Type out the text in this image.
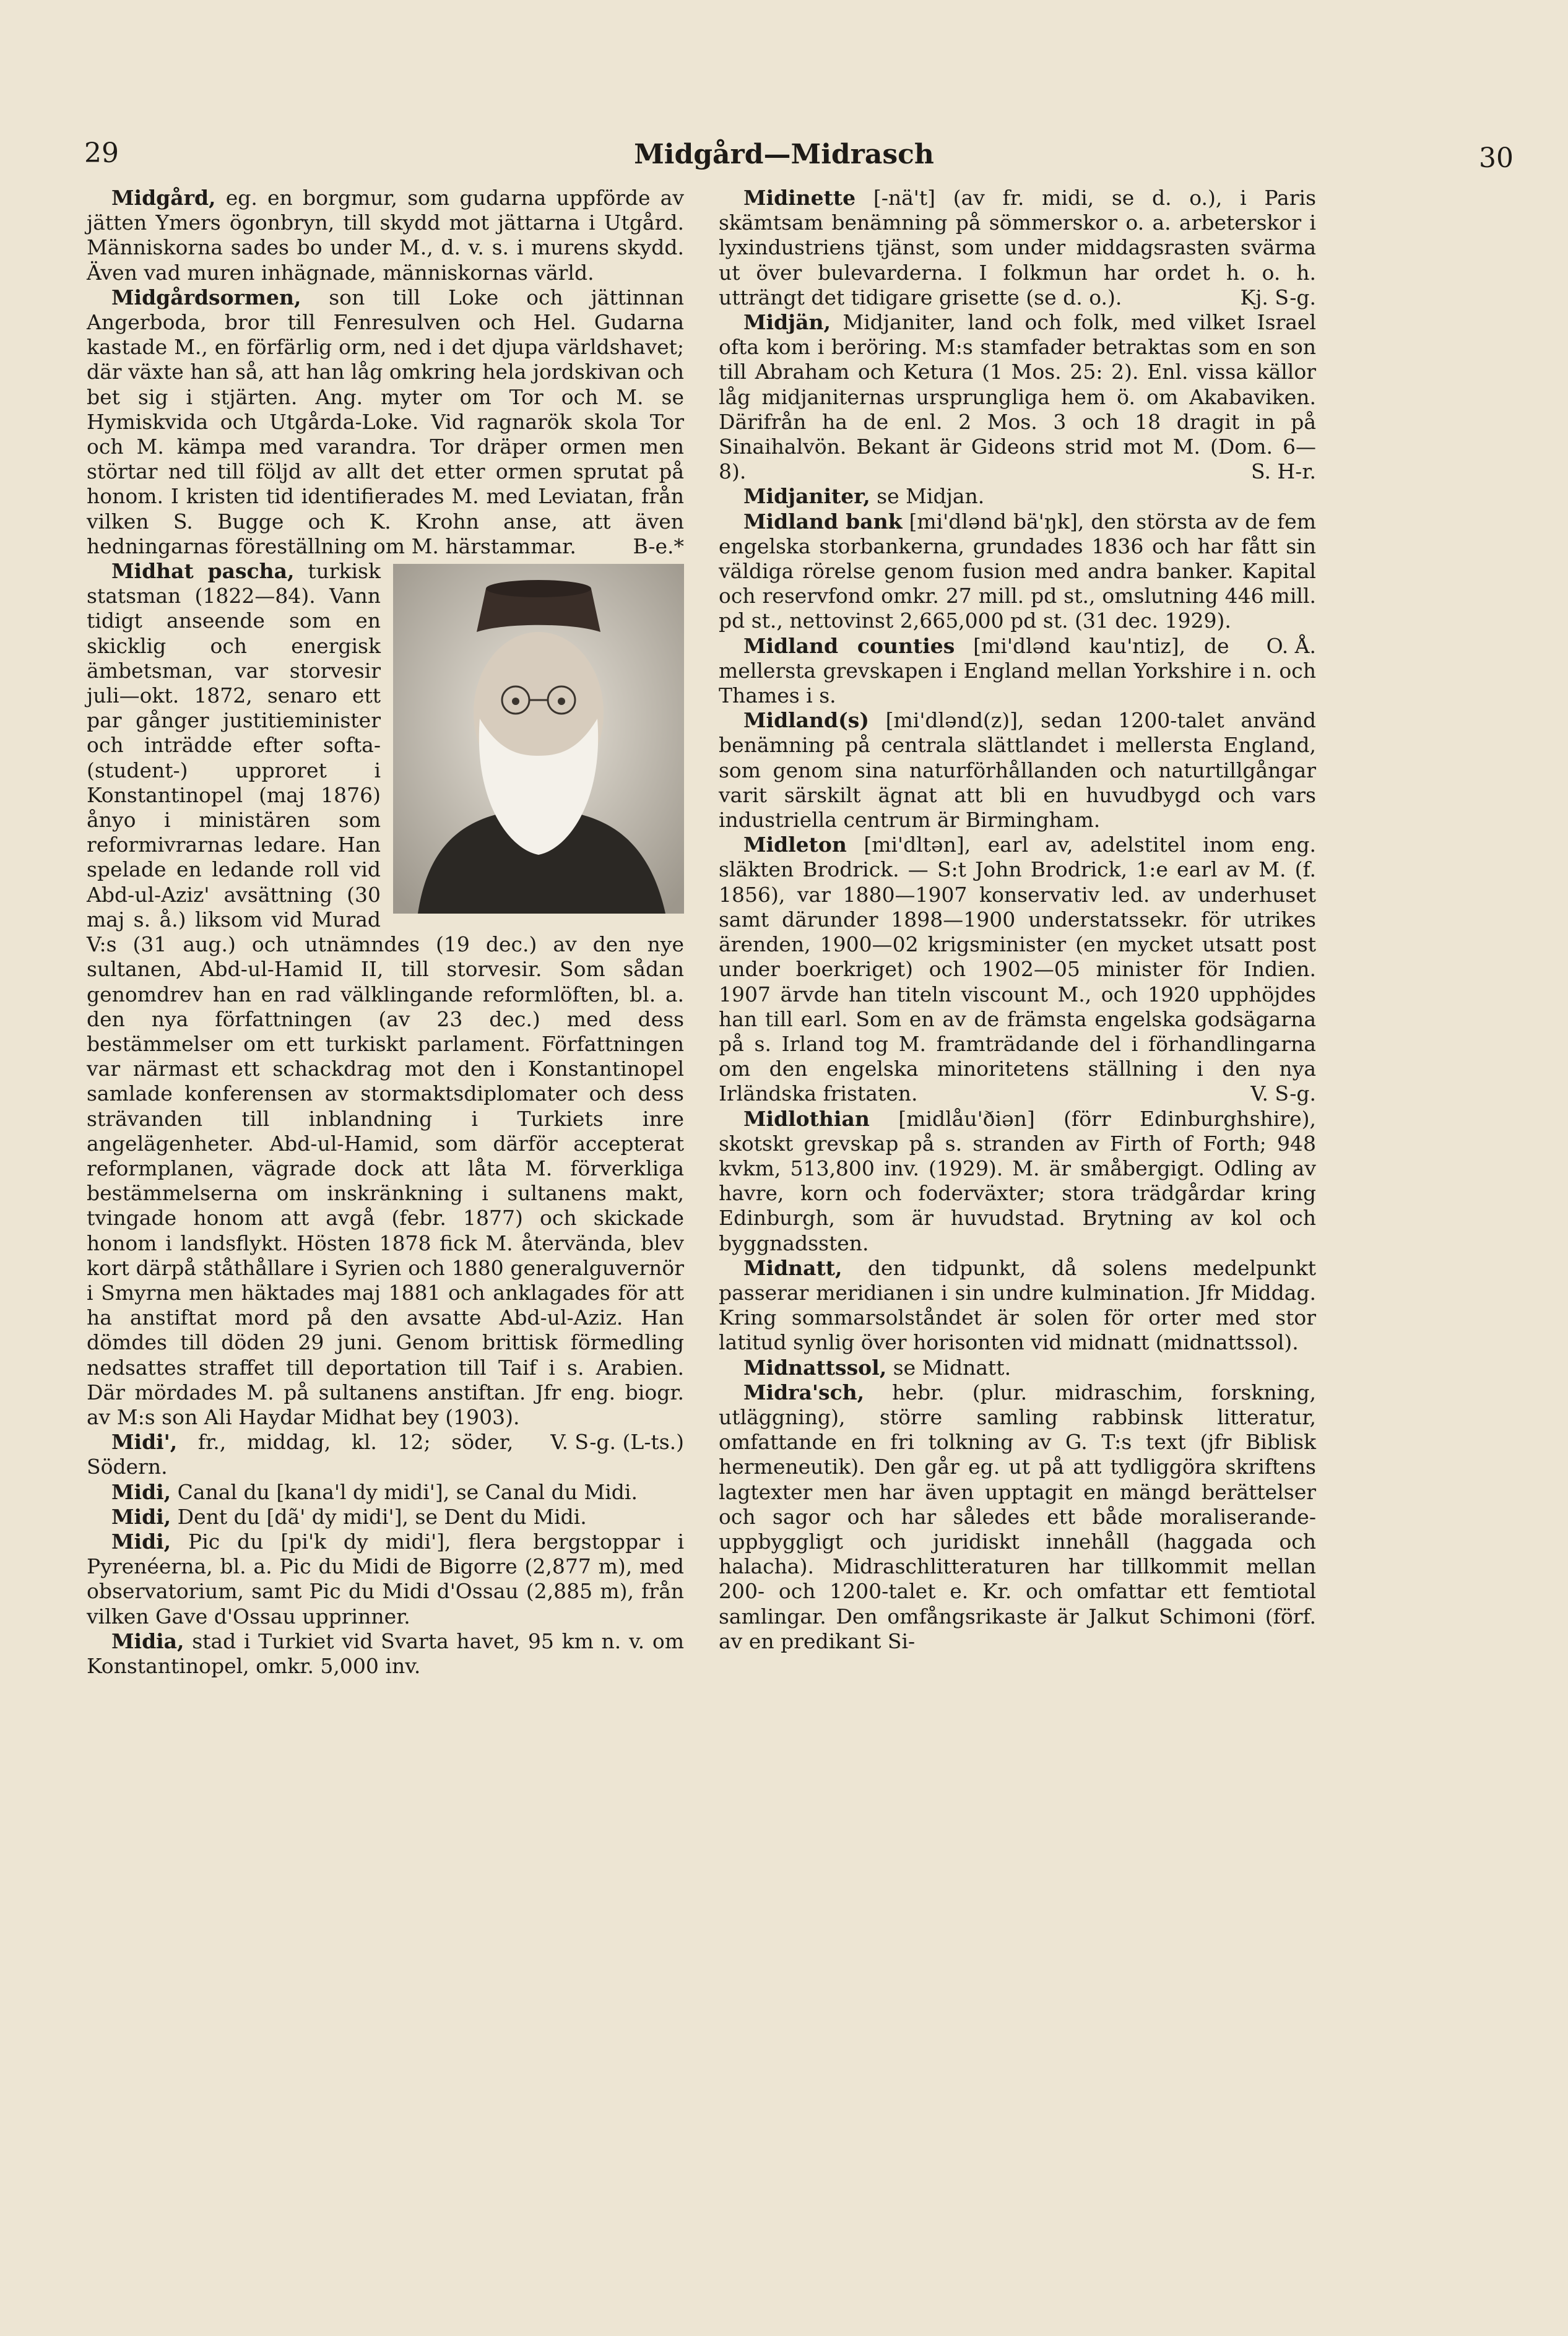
29	Midgård—Midrasch	30

Midgård, eg. en borgmur, som gudarna uppförde av jätten Ymers ögonbryn, till skydd mot jättarna i Utgård. Människorna sades bo under M., d. v. s. i murens skydd. Även vad muren inhägnade, människornas värld.

Midgårdsormen, son till Loke och jättinnan Angerboda, bror till Fenresulven och Hel. Gudarna kastade M., en förfärlig orm, ned i det djupa världshavet; där växte han så, att han låg omkring hela jordskivan och bet sig i stjärten. Ang. myter om Tor och M. se Hymiskvida och Utgårda-Loke. Vid ragnarök skola Tor och M. kämpa med varandra. Tor dräper ormen men störtar ned till följd av allt det etter ormen sprutat på honom. I kristen tid identifierades M. med Leviatan, från vilken S. Bugge och K. Krohn anse, att även hedningarnas föreställning om M. härstammar.	B-e.*

Midhat pascha,
turkisk statsman (1822—84). Vann tidigt anseende som en skicklig och energisk ämbetsman, var storvesir juli—okt. 1872, senaro ett par gånger justitieminister och inträdde efter softa-(student-) upproret i Konstantinopel (maj 1876) ånyo i ministären som reformivrarnas ledare. Han spelade en ledande roll vid Abd-ul-Aziz' avsättning (30 maj s. å.) liksom vid Murad V:s (31 aug.) och utnämndes (19 dec.) av den nye sultanen, Abd-ul-Hamid II, till storvesir. Som sådan genomdrev han en rad välklingande reformlöften, bl. a. den nya författningen (av 23 dec.) med dess bestämmelser om ett turkiskt parlament. Författningen var närmast ett schackdrag mot den i Konstantinopel samlade konferensen av stormaktsdiplomater och dess strävanden till inblandning i Turkiets inre angelägenheter. Abd-ul-Hamid, som därför accepterat reformplanen, vägrade dock att låta M. förverkliga bestämmelserna om inskränkning i sultanens makt, tvingade honom att avgå (febr. 1877) och skickade honom i landsflykt. Hösten 1878 fick M. återvända, blev kort därpå ståthållare i Syrien och 1880 generalguvernör i Smyrna men häktades maj 1881 och anklagades för att ha anstiftat mord på den avsatte Abd-ul-Aziz. Han dömdes till döden 29 juni. Genom brittisk förmedling nedsattes straffet till deportation till Taif i s. Arabien. Där mördades M. på sultanens anstiftan. Jfr eng. biogr. av M:s son Ali Haydar Midhat bey (1903).
V. S-g. (L-ts.)

Midi', fr., middag, kl. 12; söder, Södern.

Midi, Canal du [kana'l dy midi'], se Canal du Midi.

Midi, Dent du [dã' dy midi'], se Dent du Midi.

Midi, Pic du [pi'k dy midi'], flera bergstoppar i Pyrenéerna, bl. a. Pic du Midi de Bigorre (2,877 m), med observatorium, samt Pic du Midi d'Ossau (2,885 m), från vilken Gave d'Ossau upprinner.

Midia, stad i Turkiet vid Svarta havet, 95 km n. v. om Konstantinopel, omkr. 5,000 inv.

Midinette [-nä't] (av fr. midi, se d. o.), i Paris skämtsam benämning på sömmerskor o. a. arbeterskor i lyxindustriens tjänst, som under middagsrasten svärma ut över bulevarderna. I folkmun har ordet h. o. h. utträngt det tidigare grisette (se d. o.).	Kj. S-g.

Midjän, Midjaniter, land och folk, med vilket Israel ofta kom i beröring. M:s stamfader betraktas som en son till Abraham och Ketura (1 Mos. 25: 2). Enl. vissa källor låg midjaniternas ursprungliga hem ö. om Akabaviken. Därifrån ha de enl. 2 Mos. 3 och 18 dragit in på Sinaihalvön. Bekant är Gideons strid mot M. (Dom. 6—8).	S. H-r.

Midjaniter, se Midjan.

Midland bank [mi'dlənd bä'ŋk], den största av de fem engelska storbankerna, grundades 1836 och har fått sin väldiga rörelse genom fusion med andra banker. Kapital och reservfond omkr. 27 mill. pd st., omslutning 446 mill. pd st., nettovinst 2,665,000 pd st. (31 dec. 1929).
O. Å.

Midland counties [mi'dlənd kau'ntiz], de mellersta grevskapen i England mellan Yorkshire i n. och Thames i s.

Midland(s) [mi'dlənd(z)], sedan 1200-talet använd benämning på centrala slättlandet i mellersta England, som genom sina naturförhållanden och naturtillgångar varit särskilt ägnat att bli en huvudbygd och vars industriella centrum är Birmingham.

Midleton [mi'dltən], earl av, adelstitel inom eng. släkten Brodrick. — S:t John Brodrick, 1:e earl av M. (f. 1856), var 1880—1907 konservativ led. av underhuset samt därunder 1898—1900 understatssekr. för utrikes ärenden, 1900—02 krigsminister (en mycket utsatt post under boerkriget) och 1902—05 minister för Indien. 1907 ärvde han titeln viscount M., och 1920 upphöjdes han till earl. Som en av de främsta engelska godsägarna på s. Irland tog M. framträdande del i förhandlingarna om den engelska minoritetens ställning i den nya Irländska fristaten.	V. S-g.

Midlothian [midlåu'ðiən] (förr Edinburghshire), skotskt grevskap på s. stranden av Firth of Forth; 948 kvkm, 513,800 inv. (1929). M. är småbergigt. Odling av havre, korn och foderväxter; stora trädgårdar kring Edinburgh, som är huvudstad. Brytning av kol och byggnadssten.

Midnatt, den tidpunkt, då solens medelpunkt passerar meridianen i sin undre kulmination. Jfr Middag. Kring sommarsolståndet är solen för orter med stor latitud synlig över horisonten vid midnatt (midnattssol).

Midnattssol, se Midnatt.

Midra'sch, hebr. (plur. midraschim, forskning, utläggning), större samling rabbinsk litteratur, omfattande en fri tolkning av G. T:s text (jfr Biblisk hermeneutik). Den går eg. ut på att tydliggöra skriftens lagtexter men har även upptagit en mängd berättelser och sagor och har således ett både moraliserande-uppbyggligt och juridiskt innehåll (haggada och halacha). Midraschlitteraturen har tillkommit mellan 200- och 1200-talet e. Kr. och omfattar ett femtiotal samlingar. Den omfångsrikaste är Jalkut Schimoni (förf. av en predikant Si-
